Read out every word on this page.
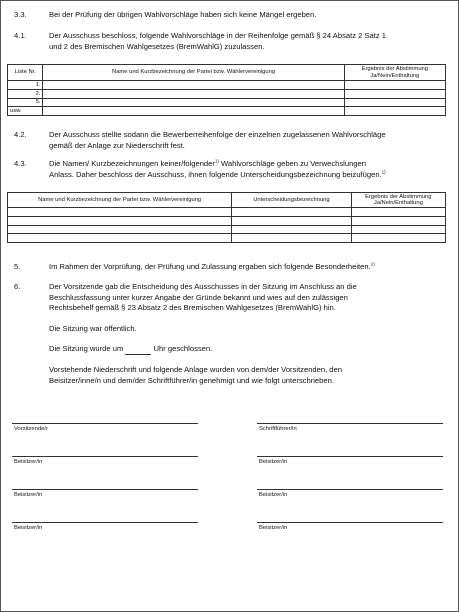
3.3.	Bei der Prüfung der übrigen Wahlvorschläge haben sich keine Mängel ergeben.
4.1.	Der Ausschuss beschloss, folgende Wahlvorschläge in der Reihenfolge gemäß § 24 Absatz 2 Satz 1
und 2 des Bremischen Wahlgesetzes (BremWahlG) zuzulassen.
Liste Nr.	Name und Kurzbezeichnung der Partei bzw. Wählervereinigung	Ergebnis der Abstimmung Ja/Nein/Enthaltung
1.		
2.		
5.		
usw.		
4.2.	Der Ausschuss stellte sodann die Bewerberreihenfolge der einzelnen zugelassenen Wahlvorschläge
gemäß der Anlage zur Niederschrift fest.
4.3.	Die Namen/ Kurzbezeichnungen keiner/folgender$^{1)}$ Wahlvorschläge geben zu Verwechslungen
Anlass. Daher beschloss der Ausschuss, ihnen folgende Unterscheidungsbezeichnung beizufügen.$^{1)}$
Name und Kurzbezeichnung der Partei bzw. Wählervereinigung	Unterscheidungsbezeichnung	Ergebnis der Abstimmung Ja/Nein/Enthaltung

5.	Im Rahmen der Vorprüfung, der Prüfung und Zulassung ergaben sich folgende Besonderheiten.$^{1)}$
6.	Der Vorsitzende gab die Entscheidung des Ausschusses in der Sitzung im Anschluss an die
Beschlussfassung unter kurzer Angabe der Gründe bekannt und wies auf den zulässigen
Rechtsbehelf gemäß § 23 Absatz 2 des Bremischen Wahlgesetzes (BremWahlG) hin.
Die Sitzung war öffentlich.
Die Sitzung wurde um	Uhr geschlossen.
Vorstehende Niederschrift und folgende Anlage wurden von dem/der Vorsitzenden, den
Beisitzer/inne/n und dem/der Schriftführer/in genehmigt und wie folgt unterschrieben.
Vorsitzende/r	Schriftführer/in
Beisitzer/in	Beisitzer/in
Beisitzer/in	Beisitzer/in
Beisitzer/in	Beisitzer/in
